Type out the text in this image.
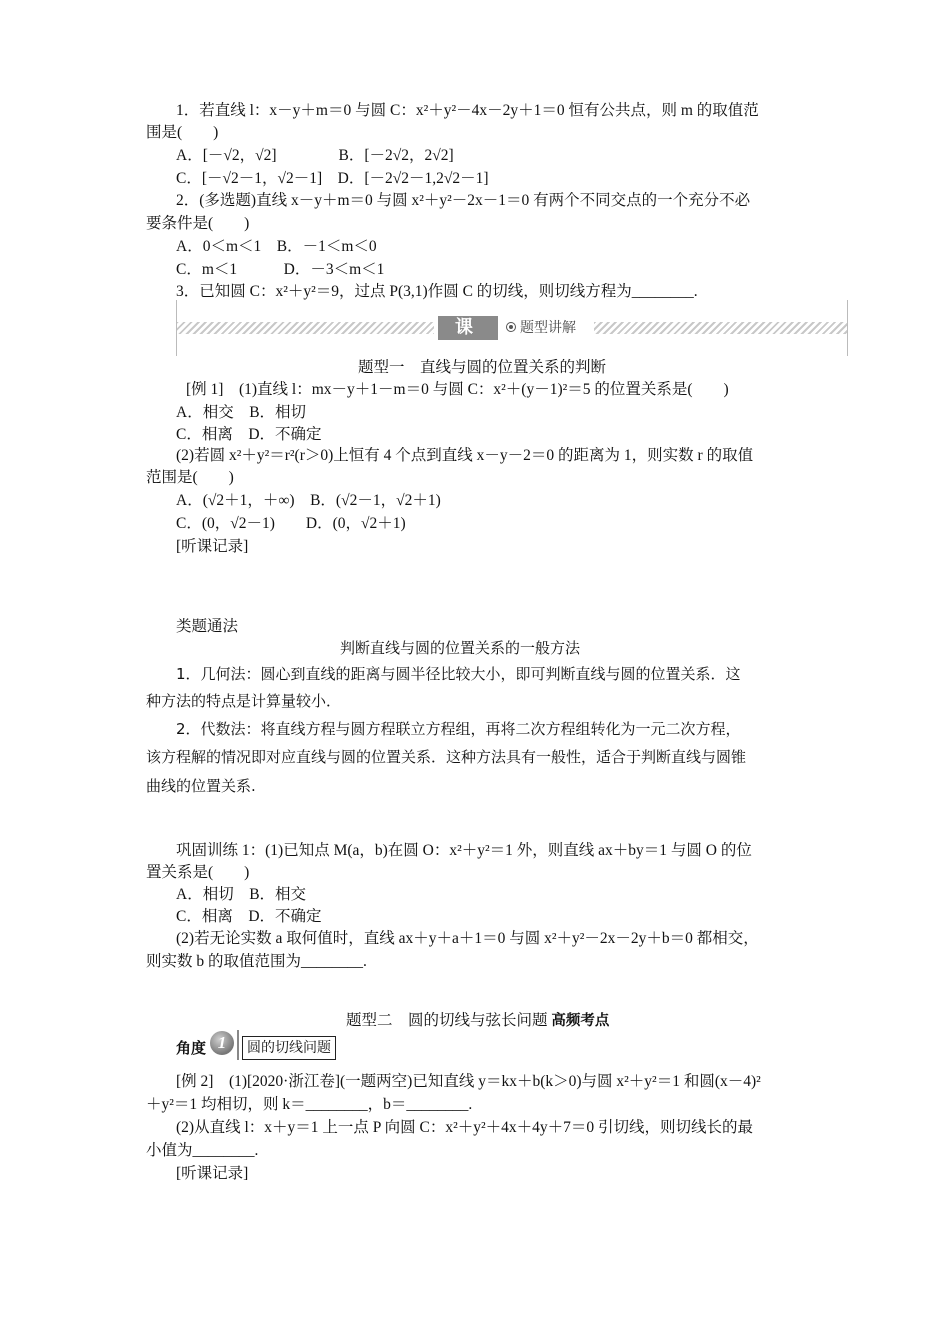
1．若直线 l：x－y＋m＝0 与圆 C：x²＋y²－4x－2y＋1＝0 恒有公共点，则 m 的取值范
围是(　　)
A．[－√2，√2]　　　　B．[－2√2，2√2]
C．[－√2－1，√2－1]　D．[－2√2－1,2√2－1]
2．(多选题)直线 x－y＋m＝0 与圆 x²＋y²－2x－1＝0 有两个不同交点的一个充分不必
要条件是(　　)
A．0＜m＜1　B．－1＜m＜0
C．m＜1　　　D．－3＜m＜1
3．已知圆 C：x²＋y²＝9，过点 P(3,1)作圆 C 的切线，则切线方程为________.
课 堂
题型讲解
题型一　直线与圆的位置关系的判断
[例 1]　(1)直线 l：mx－y＋1－m＝0 与圆 C：x²＋(y－1)²＝5 的位置关系是(　　)
A．相交　B．相切
C．相离　D．不确定
(2)若圆 x²＋y²＝r²(r＞0)上恒有 4 个点到直线 x－y－2＝0 的距离为 1，则实数 r 的取值
范围是(　　)
A．(√2＋1，＋∞)　B．(√2－1，√2＋1)
C．(0，√2－1)　　D．(0，√2＋1)
[听课记录]
类题通法
判断直线与圆的位置关系的一般方法
1．几何法：圆心到直线的距离与圆半径比较大小，即可判断直线与圆的位置关系．这
种方法的特点是计算量较小．
2．代数法：将直线方程与圆方程联立方程组，再将二次方程组转化为一元二次方程，
该方程解的情况即对应直线与圆的位置关系．这种方法具有一般性，适合于判断直线与圆锥
曲线的位置关系.
巩固训练 1：(1)已知点 M(a，b)在圆 O：x²＋y²＝1 外，则直线 ax＋by＝1 与圆 O 的位
置关系是(　　)
A．相切　B．相交
C．相离　D．不确定
(2)若无论实数 a 取何值时，直线 ax＋y＋a＋1＝0 与圆 x²＋y²－2x－2y＋b＝0 都相交，
则实数 b 的取值范围为________.
题型二　圆的切线与弦长问题 高频考点
角度 1	圆的切线问题
[例 2]　(1)[2020·浙江卷](一题两空)已知直线 y＝kx＋b(k＞0)与圆 x²＋y²＝1 和圆(x－4)²
＋y²＝1 均相切，则 k＝________，b＝________.
(2)从直线 l：x＋y＝1 上一点 P 向圆 C：x²＋y²＋4x＋4y＋7＝0 引切线，则切线长的最
小值为________.
[听课记录]
